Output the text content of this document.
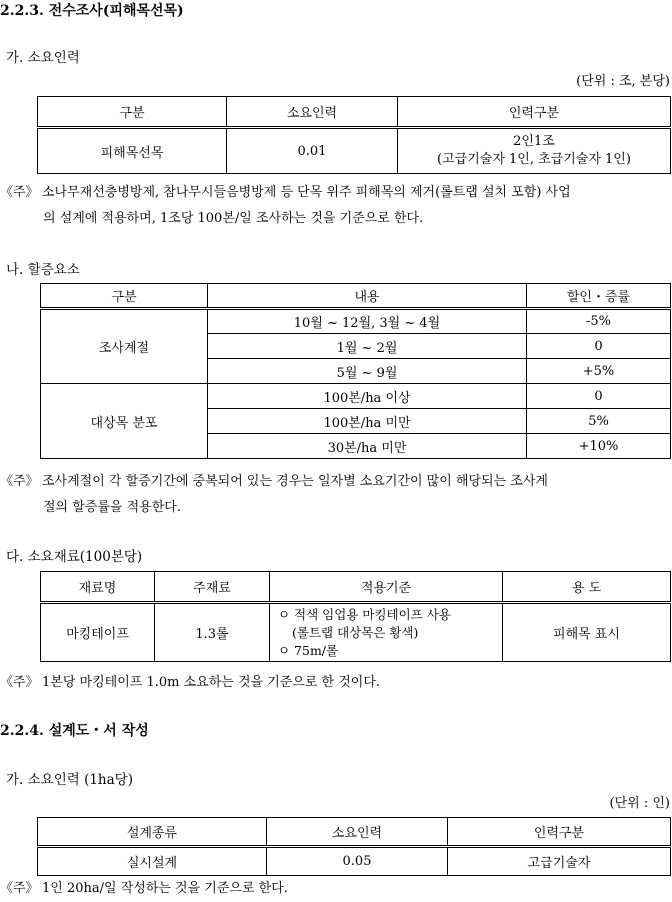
2.2.3. 전수조사(피해목선목)
가. 소요인력
(단위 : 조, 본당)
구분	소요인력	인력구분
피해목선목	0.01	2인1조
(고급기술자 1인, 초급기술자 1인)
《주》 소나무재선충병방제, 참나무시들음병방제 등 단목 위주 피해목의 제거(롤트랩 설치 포함) 사업
의 설계에 적용하며, 1조당 100본/일 조사하는 것을 기준으로 한다.
나. 할증요소
구분	내용	할인・증률
조사계절	10월 ~ 12월, 3월 ~ 4월	-5%
	1월 ~ 2월	0
	5월 ~ 9월	+5%
대상목 분포	100본/ha 이상	0
	100본/ha 미만	5%
	30본/ha 미만	+10%
《주》 조사계절이 각 할증기간에 중복되어 있는 경우는 일자별 소요기간이 많이 해당되는 조사계
절의 할증률을 적용한다.
다. 소요재료(100본당)
재료명	주재료	적용기준	용 도
마킹테이프	1.3롤	ㅇ 적색 임업용 마킹테이프 사용
(롤트랩 대상목은 황색)
ㅇ 75m/롤	피해목 표시
《주》 1본당 마킹테이프 1.0m 소요하는 것을 기준으로 한 것이다.
2.2.4. 설계도・서 작성
가. 소요인력 (1ha당)
(단위 : 인)
설계종류	소요인력	인력구분
실시설계	0.05	고급기술자
《주》 1인 20ha/일 작성하는 것을 기준으로 한다.
